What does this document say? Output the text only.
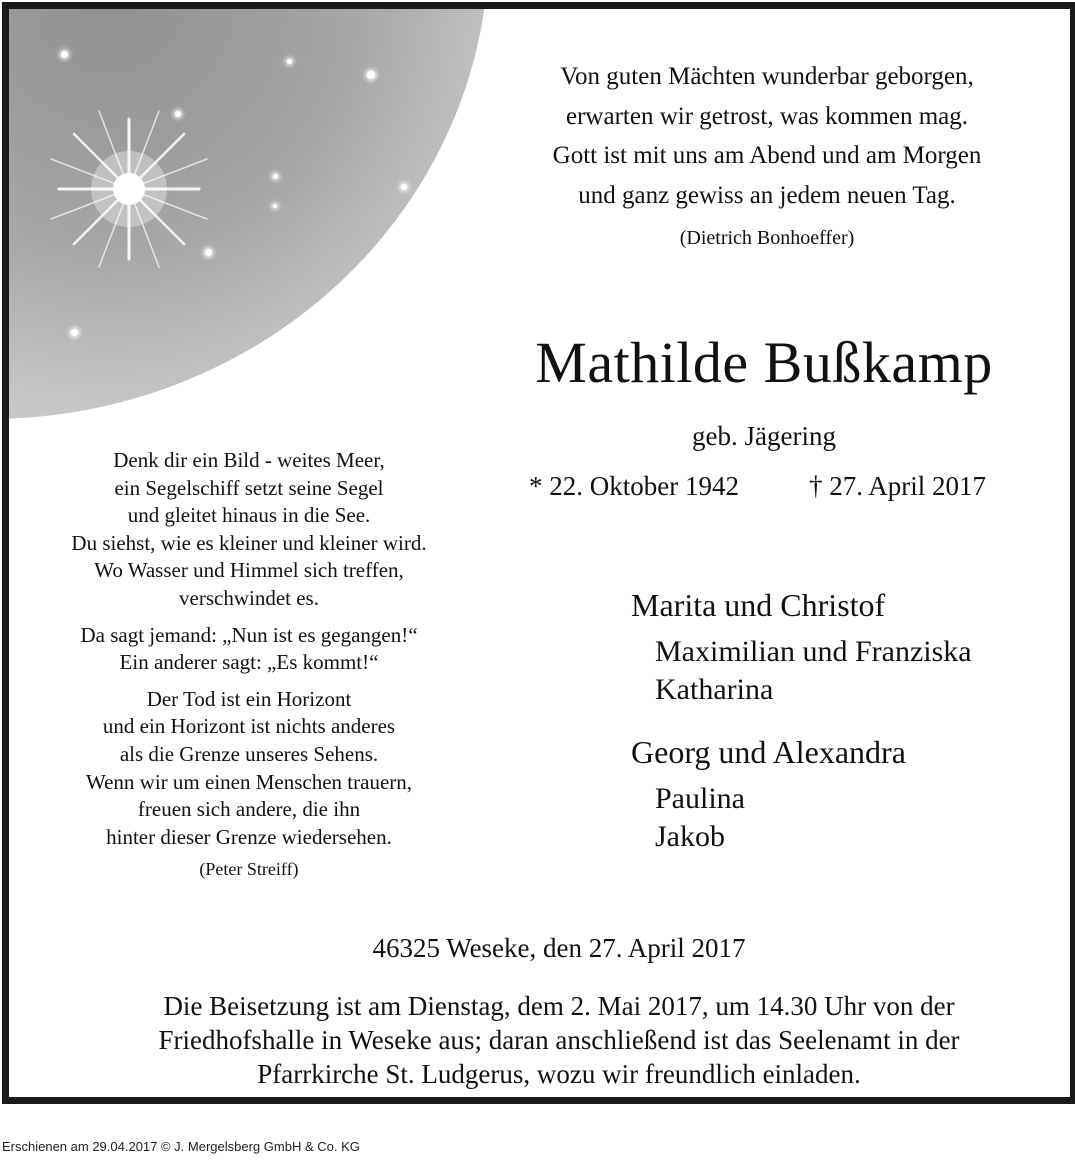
Von guten Mächten wunderbar geborgen,
erwarten wir getrost, was kommen mag.
Gott ist mit uns am Abend und am Morgen
und ganz gewiss an jedem neuen Tag.
(Dietrich Bonhoeffer)
Mathilde Bußkamp
geb. Jägering
* 22. Oktober 1942	† 27. April 2017
Denk dir ein Bild - weites Meer,
ein Segelschiff setzt seine Segel
und gleitet hinaus in die See.
Du siehst, wie es kleiner und kleiner wird.
Wo Wasser und Himmel sich treffen,
verschwindet es.
Da sagt jemand: „Nun ist es gegangen!“
Ein anderer sagt: „Es kommt!“
Der Tod ist ein Horizont
und ein Horizont ist nichts anderes
als die Grenze unseres Sehens.
Wenn wir um einen Menschen trauern,
freuen sich andere, die ihn
hinter dieser Grenze wiedersehen.
(Peter Streiff)
Marita und Christof
Maximilian und Franziska
Katharina
Georg und Alexandra
Paulina
Jakob
46325 Weseke, den 27. April 2017
Die Beisetzung ist am Dienstag, dem 2. Mai 2017, um 14.30 Uhr von der
Friedhofshalle in Weseke aus; daran anschließend ist das Seelenamt in der
Pfarrkirche St. Ludgerus, wozu wir freundlich einladen.
Erschienen am 29.04.2017 © J. Mergelsberg GmbH & Co. KG
